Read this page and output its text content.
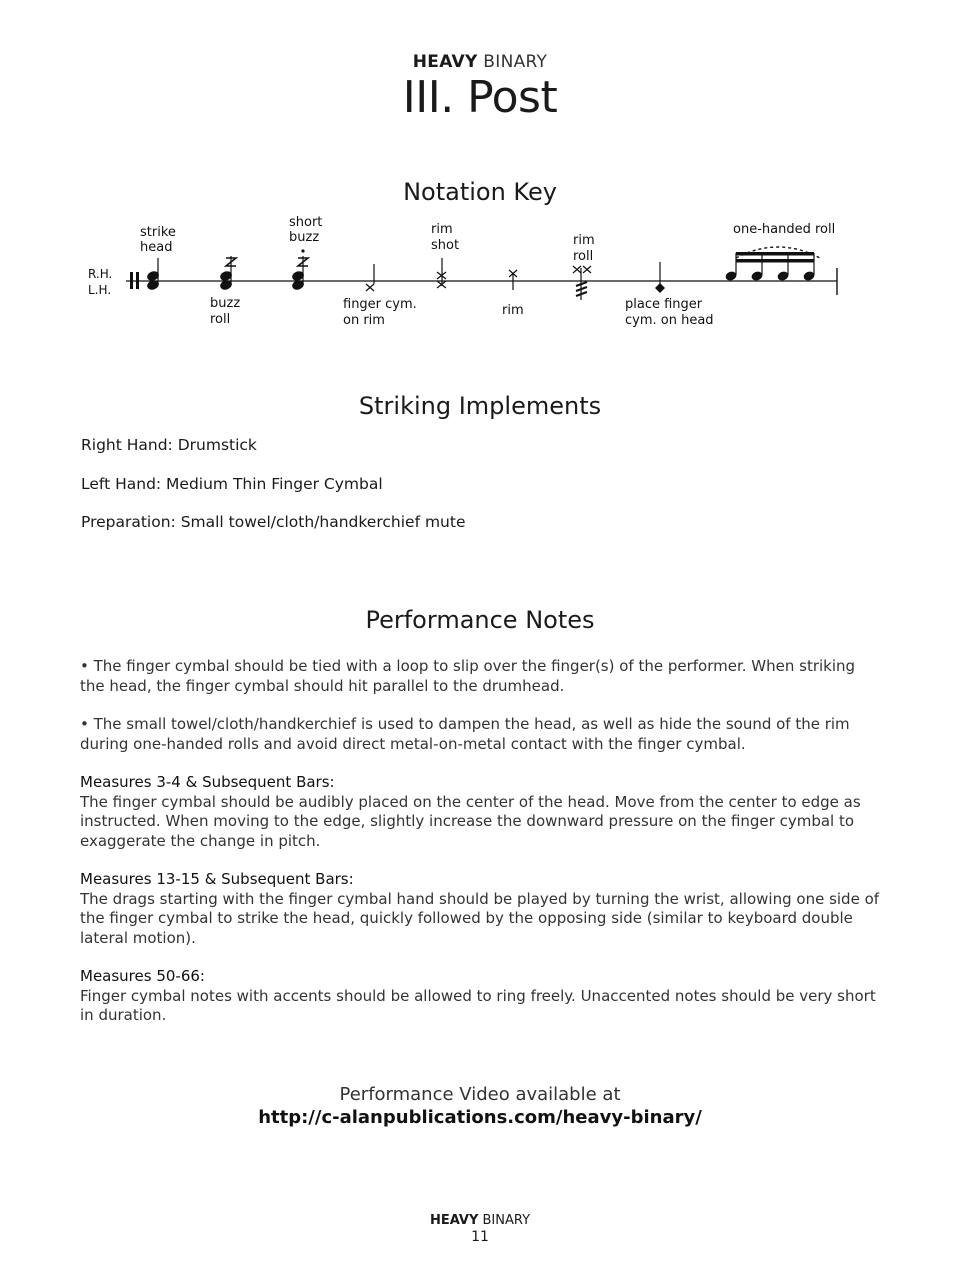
HEAVY BINARY
III. Post
Notation Key
R.H.
L.H.
strike
head
buzz
roll
short
buzz
finger cym.
on rim
rim
shot
rim
rim
roll
place finger
cym. on head
one-handed roll
Striking Implements
Right Hand: Drumstick
Left Hand: Medium Thin Finger Cymbal
Preparation: Small towel/cloth/handkerchief mute
Performance Notes

• The finger cymbal should be tied with a loop to slip over the finger(s) of the performer. When striking the head, the finger cymbal should hit parallel to the drumhead.

• The small towel/cloth/handkerchief is used to dampen the head, as well as hide the sound of the rim during one-handed rolls and avoid direct metal-on-metal contact with the finger cymbal.

Measures 3-4 & Subsequent Bars:
The finger cymbal should be audibly placed on the center of the head. Move from the center to edge as instructed. When moving to the edge, slightly increase the downward pressure on the finger cymbal to exaggerate the change in pitch.

Measures 13-15 & Subsequent Bars:
The drags starting with the finger cymbal hand should be played by turning the wrist, allowing one side of the finger cymbal to strike the head, quickly followed by the opposing side (similar to keyboard double lateral motion).

Measures 50-66:
Finger cymbal notes with accents should be allowed to ring freely. Unaccented notes should be very short in duration.

Performance Video available at
http://c-alanpublications.com/heavy-binary/
HEAVY BINARY
11
